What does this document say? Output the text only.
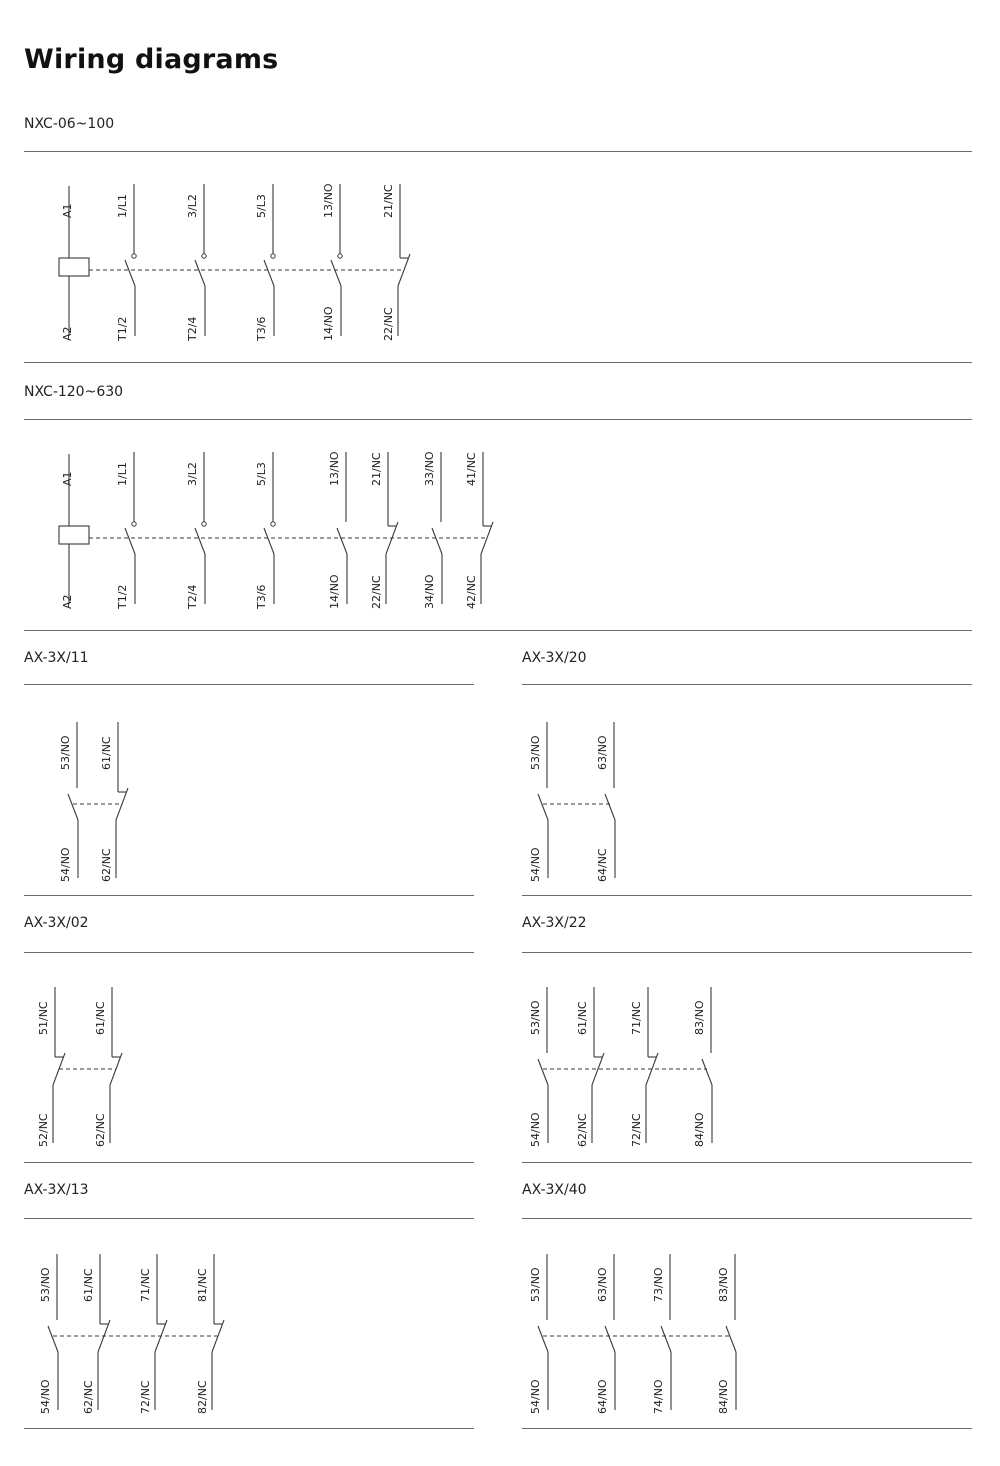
Wiring diagrams
NXC-06~100
A1
A2
1/L1
T1/2
3/L2
T2/4
5/L3
T3/6
13/NO
14/NO
21/NC
22/NC
NXC-120~630
A1
A2
1/L1
T1/2
3/L2
T2/4
5/L3
T3/6
13/NO
14/NO
21/NC
22/NC
33/NO
34/NO
41/NC
42/NC
AX-3X/11
53/NO
54/NO
61/NC
62/NC
AX-3X/20
53/NO
54/NO
63/NO
64/NC
AX-3X/02
51/NC
52/NC
61/NC
62/NC
AX-3X/22
53/NO
54/NO
61/NC
62/NC
71/NC
72/NC
83/NO
84/NO
AX-3X/13
53/NO
54/NO
61/NC
62/NC
71/NC
72/NC
81/NC
82/NC
AX-3X/40
53/NO
54/NO
63/NO
64/NO
73/NO
74/NO
83/NO
84/NO
